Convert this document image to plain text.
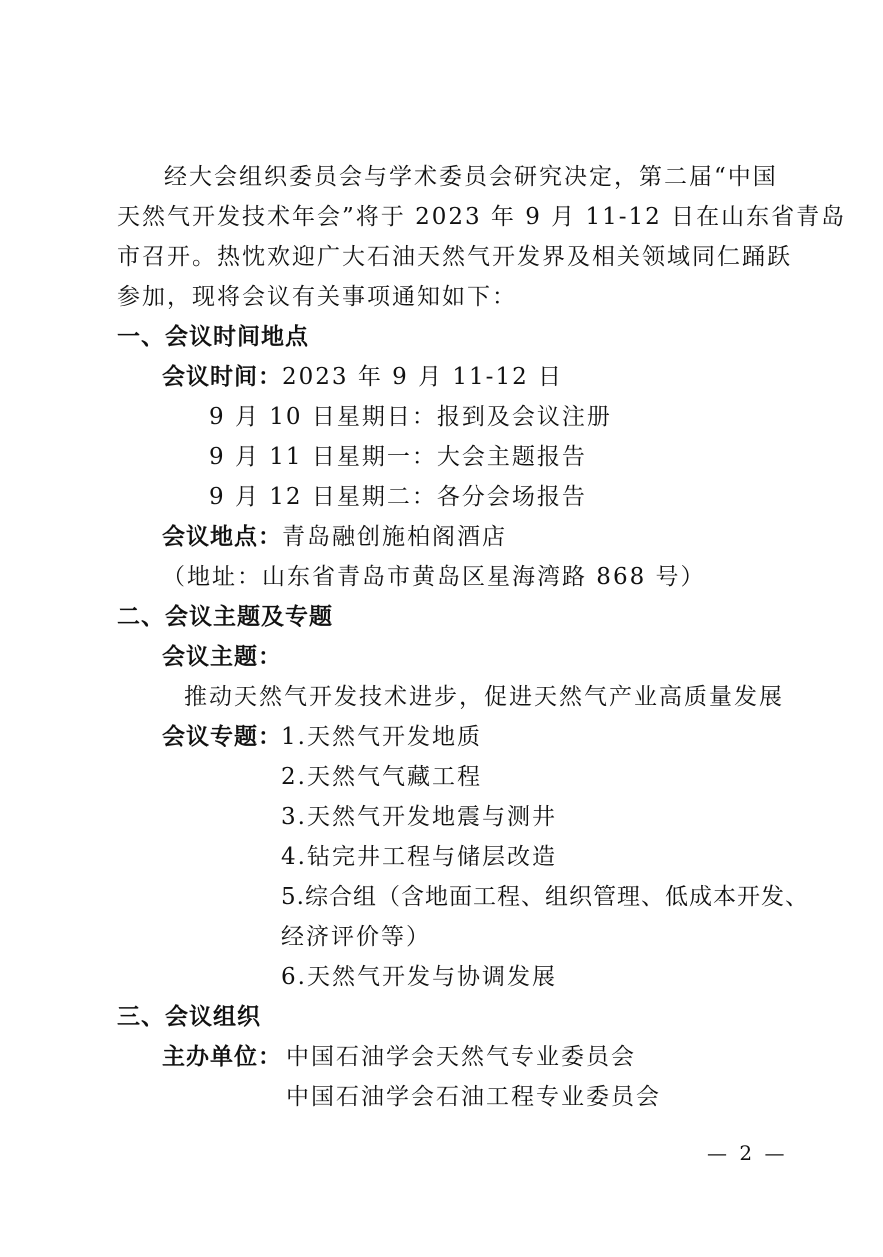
经大会组织委员会与学术委员会研究决定，第二届“中国
天然气开发技术年会”将于 2023 年 9 月 11-12 日在山东省青岛
市召开。热忱欢迎广大石油天然气开发界及相关领域同仁踊跃
参加，现将会议有关事项通知如下：
一、会议时间地点
会议时间：2023 年 9 月 11-12 日
9 月 10 日星期日：报到及会议注册
9 月 11 日星期一：大会主题报告
9 月 12 日星期二：各分会场报告
会议地点：青岛融创施柏阁酒店
（地址：山东省青岛市黄岛区星海湾路 868 号）
二、会议主题及专题
会议主题：
推动天然气开发技术进步，促进天然气产业高质量发展
会议专题： 1.天然气开发地质
2.天然气气藏工程
3.天然气开发地震与测井
4.钻完井工程与储层改造
5.综合组（含地面工程、组织管理、低成本开发、
经济评价等）
6.天然气开发与协调发展
三、会议组织
主办单位： 中国石油学会天然气专业委员会
中国石油学会石油工程专业委员会
— 2 —
